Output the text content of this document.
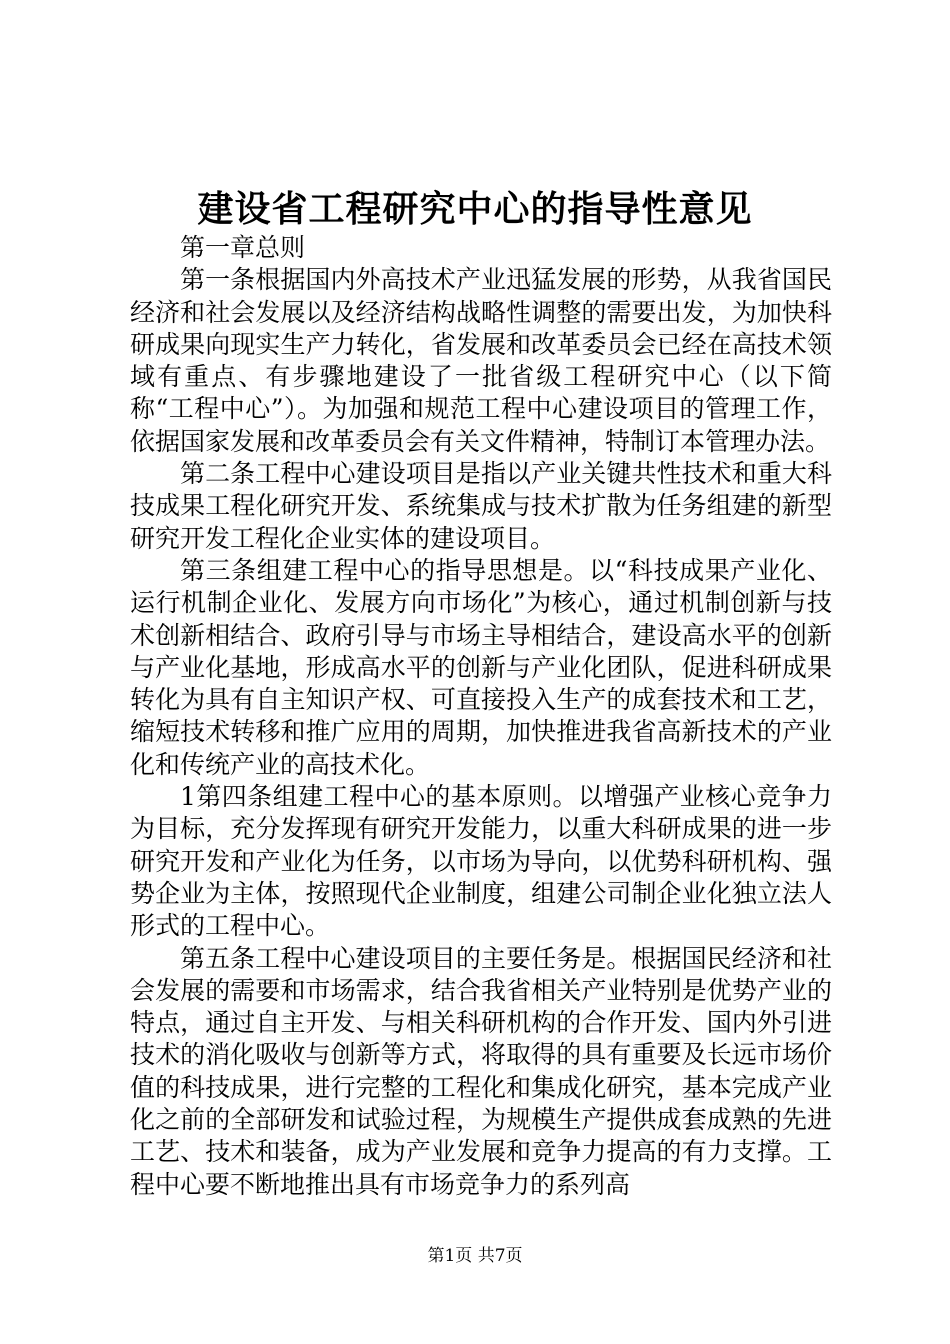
建设省工程研究中心的指导性意见

第一章总则

第一条根据国内外高技术产业迅猛发展的形势，从我省国民经济和社会发展以及经济结构战略性调整的需要出发，为加快科研成果向现实生产力转化，省发展和改革委员会已经在高技术领域有重点、有步骤地建设了一批省级工程研究中心（以下简称“工程中心”）。为加强和规范工程中心建设项目的管理工作，依据国家发展和改革委员会有关文件精神，特制订本管理办法。

第二条工程中心建设项目是指以产业关键共性技术和重大科技成果工程化研究开发、系统集成与技术扩散为任务组建的新型研究开发工程化企业实体的建设项目。

第三条组建工程中心的指导思想是。以“科技成果产业化、运行机制企业化、发展方向市场化”为核心，通过机制创新与技术创新相结合、政府引导与市场主导相结合，建设高水平的创新与产业化基地，形成高水平的创新与产业化团队，促进科研成果转化为具有自主知识产权、可直接投入生产的成套技术和工艺，缩短技术转移和推广应用的周期，加快推进我省高新技术的产业化和传统产业的高技术化。

1第四条组建工程中心的基本原则。以增强产业核心竞争力为目标，充分发挥现有研究开发能力，以重大科研成果的进一步研究开发和产业化为任务，以市场为导向，以优势科研机构、强势企业为主体，按照现代企业制度，组建公司制企业化独立法人形式的工程中心。

第五条工程中心建设项目的主要任务是。根据国民经济和社会发展的需要和市场需求，结合我省相关产业特别是优势产业的特点，通过自主开发、与相关科研机构的合作开发、国内外引进技术的消化吸收与创新等方式，将取得的具有重要及长远市场价值的科技成果，进行完整的工程化和集成化研究，基本完成产业化之前的全部研发和试验过程，为规模生产提供成套成熟的先进工艺、技术和装备，成为产业发展和竞争力提高的有力支撑。工程中心要不断地推出具有市场竞争力的系列高

第1页 共7页
